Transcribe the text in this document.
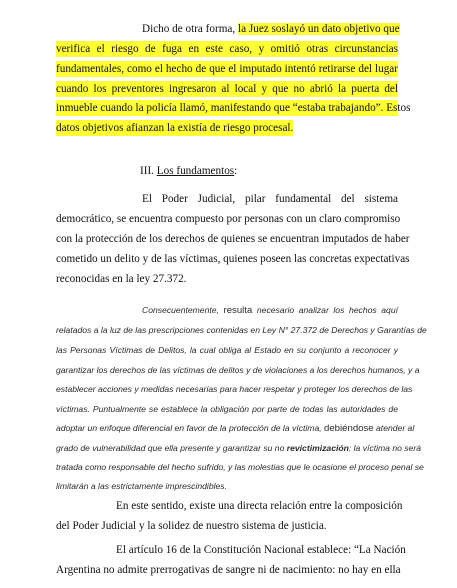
Dicho de otra forma, la Juez soslayó un dato objetivo que
verifica el riesgo de fuga en este caso, y omitió otras circunstancias
fundamentales, como el hecho de que el imputado intentó retirarse del lugar
cuando los preventores ingresaron al local y que no abrió la puerta del
inmueble cuando la policía llamó, manifestando que “estaba trabajando”. Estos
datos objetivos afianzan la existía de riesgo procesal.
III. Los fundamentos:
El Poder Judicial, pilar fundamental del sistema
democrático, se encuentra compuesto por personas con un claro compromiso
con la protección de los derechos de quienes se encuentran imputados de haber
cometido un delito y de las víctimas, quienes poseen las concretas expectativas
reconocidas en la ley 27.372.
Consecuentemente, resulta necesario analizar los hechos aquí
relatados a la luz de las prescripciones contenidas en Ley N° 27.372 de Derechos y Garantías de
las Personas Víctimas de Delitos, la cual obliga al Estado en su conjunto a reconocer y
garantizar los derechos de las víctimas de delitos y de violaciones a los derechos humanos, y a
establecer acciones y medidas necesarias para hacer respetar y proteger los derechos de las
víctimas. Puntualmente se establece la obligación por parte de todas las autoridades de
adoptar un enfoque diferencial en favor de la protección de la víctima, debiéndose atender al
grado de vulnerabilidad que ella presente y garantizar su no revictimización: la víctima no será
tratada como responsable del hecho sufrido, y las molestias que le ocasione el proceso penal se
limitarán a las estrictamente imprescindibles.
En este sentido, existe una directa relación entre la composición
del Poder Judicial y la solidez de nuestro sistema de justicia.
El artículo 16 de la Constitución Nacional establece: “La Nación
Argentina no admite prerrogativas de sangre ni de nacimiento: no hay en ella
